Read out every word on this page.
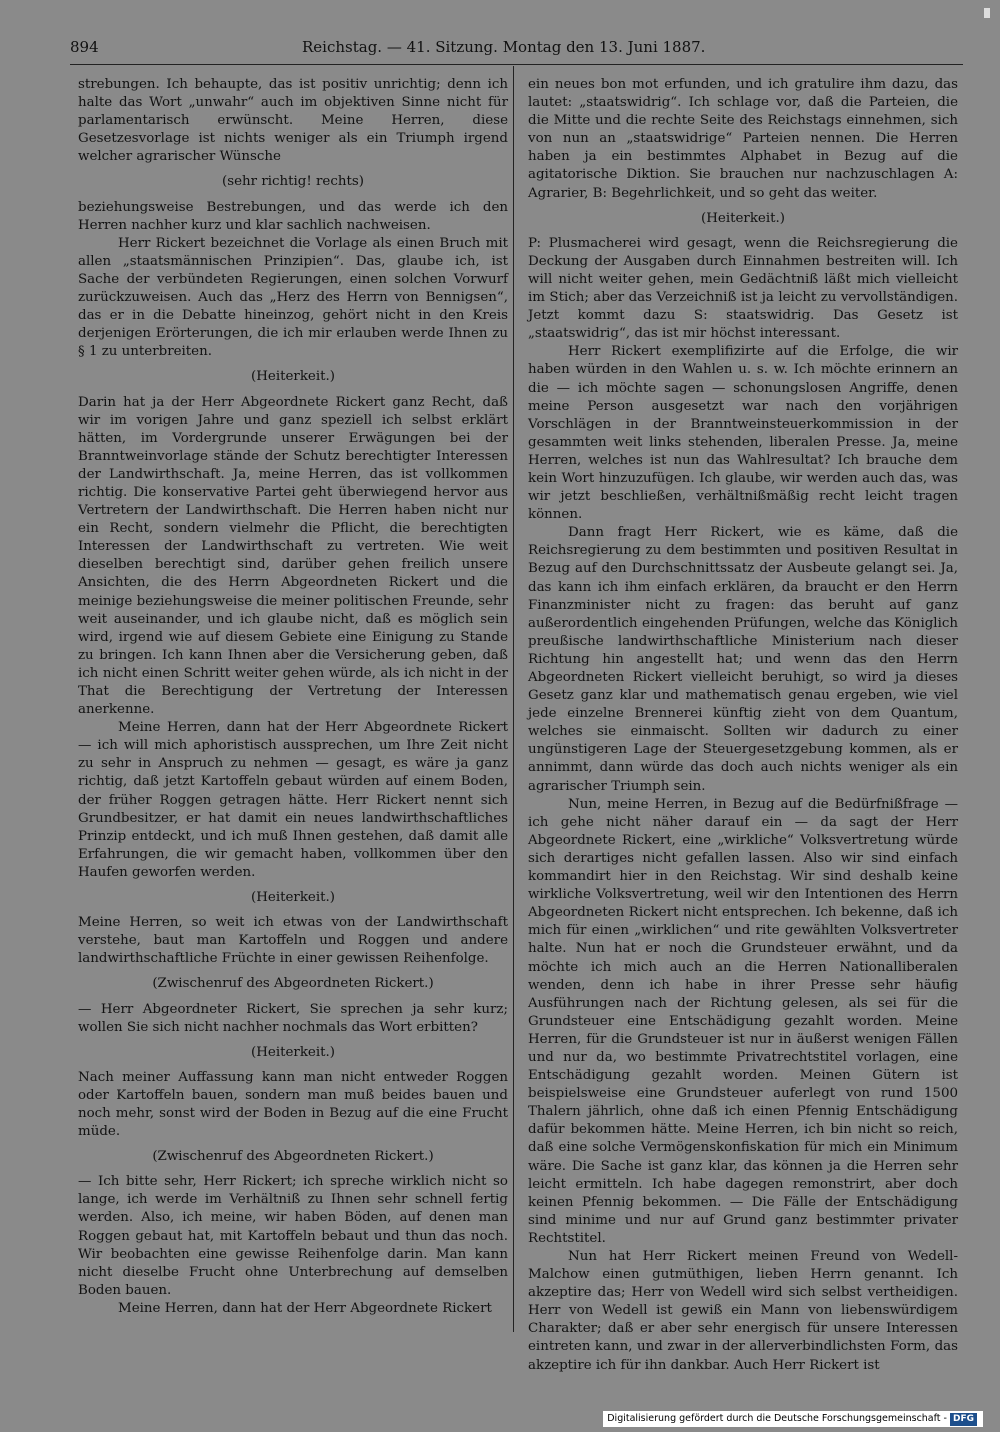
894	Reichstag. — 41. Sitzung. Montag den 13. Juni 1887.

strebungen. Ich behaupte, das ist positiv unrichtig; denn ich halte das Wort „unwahr“ auch im objektiven Sinne nicht für parlamentarisch erwünscht. Meine Herren, diese Gesetzesvorlage ist nichts weniger als ein Triumph irgend welcher agrarischer Wünsche

(sehr richtig! rechts)

beziehungsweise Bestrebungen, und das werde ich den Herren nachher kurz und klar sachlich nachweisen.

Herr Rickert bezeichnet die Vorlage als einen Bruch mit allen „staatsmännischen Prinzipien“. Das, glaube ich, ist Sache der verbündeten Regierungen, einen solchen Vorwurf zurückzuweisen. Auch das „Herz des Herrn von Bennigsen“, das er in die Debatte hineinzog, gehört nicht in den Kreis derjenigen Erörterungen, die ich mir erlauben werde Ihnen zu § 1 zu unterbreiten.

(Heiterkeit.)

Darin hat ja der Herr Abgeordnete Rickert ganz Recht, daß wir im vorigen Jahre und ganz speziell ich selbst erklärt hätten, im Vordergrunde unserer Erwägungen bei der Branntweinvorlage stände der Schutz berechtigter Interessen der Landwirthschaft. Ja, meine Herren, das ist vollkommen richtig. Die konservative Partei geht überwiegend hervor aus Vertretern der Landwirthschaft. Die Herren haben nicht nur ein Recht, sondern vielmehr die Pflicht, die berechtigten Interessen der Landwirthschaft zu vertreten. Wie weit dieselben berechtigt sind, darüber gehen freilich unsere Ansichten, die des Herrn Abgeordneten Rickert und die meinige beziehungsweise die meiner politischen Freunde, sehr weit auseinander, und ich glaube nicht, daß es möglich sein wird, irgend wie auf diesem Gebiete eine Einigung zu Stande zu bringen. Ich kann Ihnen aber die Versicherung geben, daß ich nicht einen Schritt weiter gehen würde, als ich nicht in der That die Berechtigung der Vertretung der Interessen anerkenne.

Meine Herren, dann hat der Herr Abgeordnete Rickert — ich will mich aphoristisch aussprechen, um Ihre Zeit nicht zu sehr in Anspruch zu nehmen — gesagt, es wäre ja ganz richtig, daß jetzt Kartoffeln gebaut würden auf einem Boden, der früher Roggen getragen hätte. Herr Rickert nennt sich Grundbesitzer, er hat damit ein neues landwirthschaftliches Prinzip entdeckt, und ich muß Ihnen gestehen, daß damit alle Erfahrungen, die wir gemacht haben, vollkommen über den Haufen geworfen werden.

(Heiterkeit.)

Meine Herren, so weit ich etwas von der Landwirthschaft verstehe, baut man Kartoffeln und Roggen und andere landwirthschaftliche Früchte in einer gewissen Reihenfolge.

(Zwischenruf des Abgeordneten Rickert.)

— Herr Abgeordneter Rickert, Sie sprechen ja sehr kurz; wollen Sie sich nicht nachher nochmals das Wort erbitten?

(Heiterkeit.)

Nach meiner Auffassung kann man nicht entweder Roggen oder Kartoffeln bauen, sondern man muß beides bauen und noch mehr, sonst wird der Boden in Bezug auf die eine Frucht müde.

(Zwischenruf des Abgeordneten Rickert.)

— Ich bitte sehr, Herr Rickert; ich spreche wirklich nicht so lange, ich werde im Verhältniß zu Ihnen sehr schnell fertig werden. Also, ich meine, wir haben Böden, auf denen man Roggen gebaut hat, mit Kartoffeln bebaut und thun das noch. Wir beobachten eine gewisse Reihenfolge darin. Man kann nicht dieselbe Frucht ohne Unterbrechung auf demselben Boden bauen.

Meine Herren, dann hat der Herr Abgeordnete Rickert

ein neues bon mot erfunden, und ich gratulire ihm dazu, das lautet: „staatswidrig“. Ich schlage vor, daß die Parteien, die die Mitte und die rechte Seite des Reichstags einnehmen, sich von nun an „staatswidrige“ Parteien nennen. Die Herren haben ja ein bestimmtes Alphabet in Bezug auf die agitatorische Diktion. Sie brauchen nur nachzuschlagen A: Agrarier, B: Begehrlichkeit, und so geht das weiter.

(Heiterkeit.)

P: Plusmacherei wird gesagt, wenn die Reichsregierung die Deckung der Ausgaben durch Einnahmen bestreiten will. Ich will nicht weiter gehen, mein Gedächtniß läßt mich vielleicht im Stich; aber das Verzeichniß ist ja leicht zu vervollständigen. Jetzt kommt dazu S: staatswidrig. Das Gesetz ist „staatswidrig“, das ist mir höchst interessant.

Herr Rickert exemplifizirte auf die Erfolge, die wir haben würden in den Wahlen u. s. w. Ich möchte erinnern an die — ich möchte sagen — schonungslosen Angriffe, denen meine Person ausgesetzt war nach den vorjährigen Vorschlägen in der Branntweinsteuerkommission in der gesammten weit links stehenden, liberalen Presse. Ja, meine Herren, welches ist nun das Wahlresultat? Ich brauche dem kein Wort hinzuzufügen. Ich glaube, wir werden auch das, was wir jetzt beschließen, verhältnißmäßig recht leicht tragen können.

Dann fragt Herr Rickert, wie es käme, daß die Reichsregierung zu dem bestimmten und positiven Resultat in Bezug auf den Durchschnittssatz der Ausbeute gelangt sei. Ja, das kann ich ihm einfach erklären, da braucht er den Herrn Finanzminister nicht zu fragen: das beruht auf ganz außerordentlich eingehenden Prüfungen, welche das Königlich preußische landwirthschaftliche Ministerium nach dieser Richtung hin angestellt hat; und wenn das den Herrn Abgeordneten Rickert vielleicht beruhigt, so wird ja dieses Gesetz ganz klar und mathematisch genau ergeben, wie viel jede einzelne Brennerei künftig zieht von dem Quantum, welches sie einmaischt. Sollten wir dadurch zu einer ungünstigeren Lage der Steuergesetzgebung kommen, als er annimmt, dann würde das doch auch nichts weniger als ein agrarischer Triumph sein.

Nun, meine Herren, in Bezug auf die Bedürfnißfrage — ich gehe nicht näher darauf ein — da sagt der Herr Abgeordnete Rickert, eine „wirkliche“ Volksvertretung würde sich derartiges nicht gefallen lassen. Also wir sind einfach kommandirt hier in den Reichstag. Wir sind deshalb keine wirkliche Volksvertretung, weil wir den Intentionen des Herrn Abgeordneten Rickert nicht entsprechen. Ich bekenne, daß ich mich für einen „wirklichen“ und rite gewählten Volksvertreter halte. Nun hat er noch die Grundsteuer erwähnt, und da möchte ich mich auch an die Herren Nationalliberalen wenden, denn ich habe in ihrer Presse sehr häufig Ausführungen nach der Richtung gelesen, als sei für die Grundsteuer eine Entschädigung gezahlt worden. Meine Herren, für die Grundsteuer ist nur in äußerst wenigen Fällen und nur da, wo bestimmte Privatrechtstitel vorlagen, eine Entschädigung gezahlt worden. Meinen Gütern ist beispielsweise eine Grundsteuer auferlegt von rund 1500 Thalern jährlich, ohne daß ich einen Pfennig Entschädigung dafür bekommen hätte. Meine Herren, ich bin nicht so reich, daß eine solche Vermögenskonfiskation für mich ein Minimum wäre. Die Sache ist ganz klar, das können ja die Herren sehr leicht ermitteln. Ich habe dagegen remonstrirt, aber doch keinen Pfennig bekommen. — Die Fälle der Entschädigung sind minime und nur auf Grund ganz bestimmter privater Rechtstitel.

Nun hat Herr Rickert meinen Freund von Wedell-Malchow einen gutmüthigen, lieben Herrn genannt. Ich akzeptire das; Herr von Wedell wird sich selbst vertheidigen. Herr von Wedell ist gewiß ein Mann von liebenswürdigem Charakter; daß er aber sehr energisch für unsere Interessen eintreten kann, und zwar in der allerverbindlichsten Form, das akzeptire ich für ihn dankbar. Auch Herr Rickert ist

Digitalisierung gefördert durch die Deutsche Forschungsgemeinschaft - DFG
